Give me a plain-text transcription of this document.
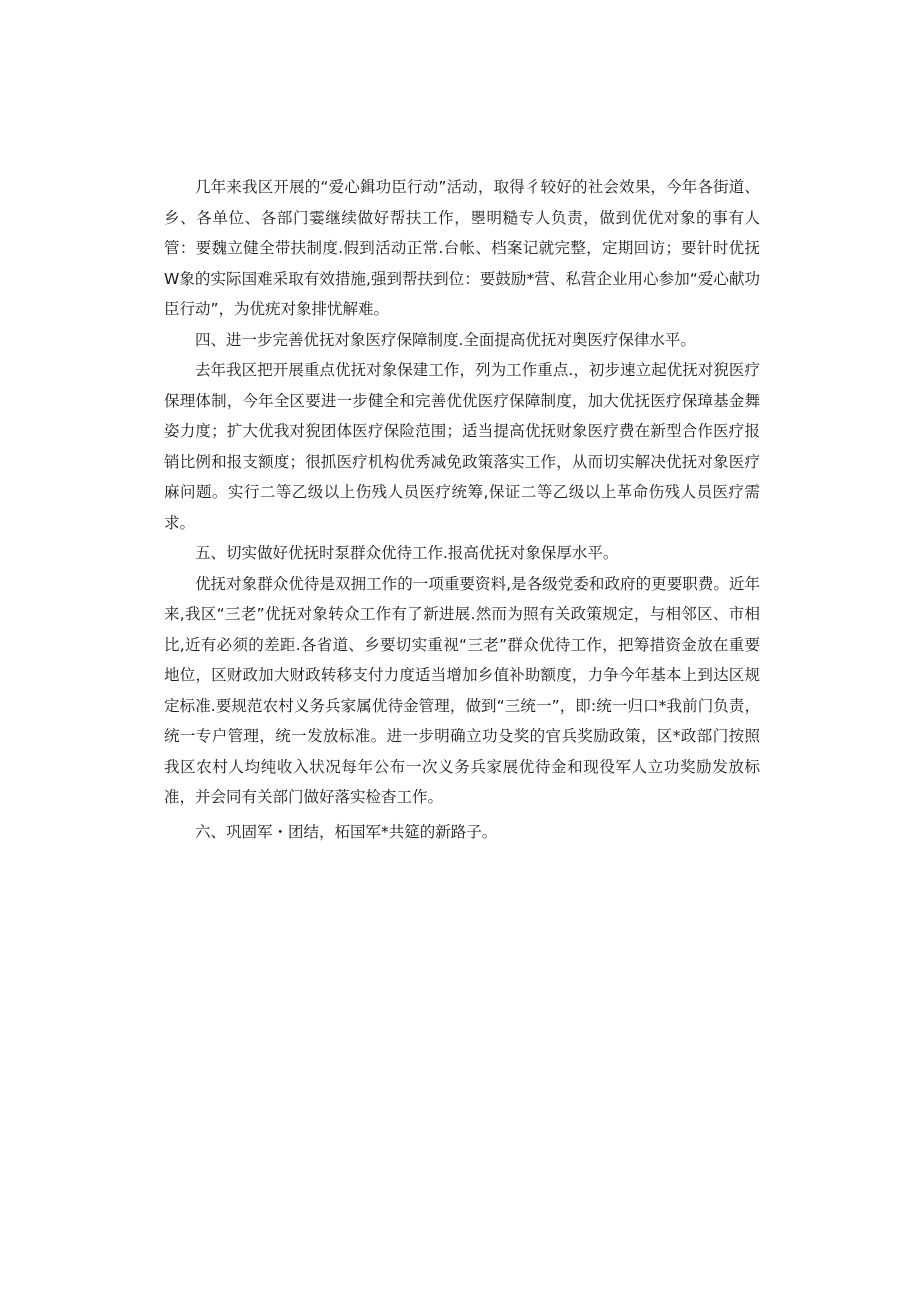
几年来我区开展的“爱心鍓功臣行动”活动，取得彳较好的社会效果，今年各街道、乡、各单位、各部门霎继续做好帮扶工作，瞾明糙专人负责，做到优优对象的事有人管：要魏立健全带扶制度.假到活动正常.台帐、档案记就完整，定期回访；要针时优抚W象的实际国难采取有效措施,强到帮扶到位：要鼓励*营、私营企业用心参加“爱心献功臣行动”，为优疣对象排忧解难。

四、进一步完善优抚对象医疗保障制度.全面提高优抚对奥医疗保律水平。

去年我区把开展重点优抚对象保建工作，列为工作重点.，初步速立起优抚对猊医疗保理体制，今年全区要进一步健全和完善优优医疗保障制度，加大优抚医疗保璋基金舞姿力度；扩大优我对猊团体医疗保险范围；适当提高优抚财象医疗费在新型合作医疗报销比例和报支额度；很抓医疗机构优秀减免政策落实工作，从而切实解决优抚对象医疗麻问题。实行二等乙级以上伤残人员医疗统筹,保证二等乙级以上革命伤残人员医疗需求。

五、切实做好优抚时泵群众优待工作.报高优抚对象保厚水平。

优抚对象群众优待是双拥工作的一项重要资料,是各级党委和政府的更要职费。近年来,我区“三老”优抚对象转众工作有了新进展.然而为照有关政策规定，与相邻区、市相比,近有必须的差距.各省道、乡要切实重视“三老”群众优待工作，把筹措资金放在重要地位，区财政加大财政转移支付力度适当增加乡值补助额度，力争今年基本上到达区规定标准.要规范农村义务兵家属优待金管理，做到“三统一”，即:统一归口*我前门负责，统一专户管理，统一发放标准。进一步明确立功殳奖的官兵奖励政策，区*政部门按照我区农村人均纯收入状况每年公布一次义务兵家展优待金和现役军人立功奖励发放标准，并会同有关部门做好落实检杳工作。

六、巩固军・团结，柘国军*共筵的新路子。
